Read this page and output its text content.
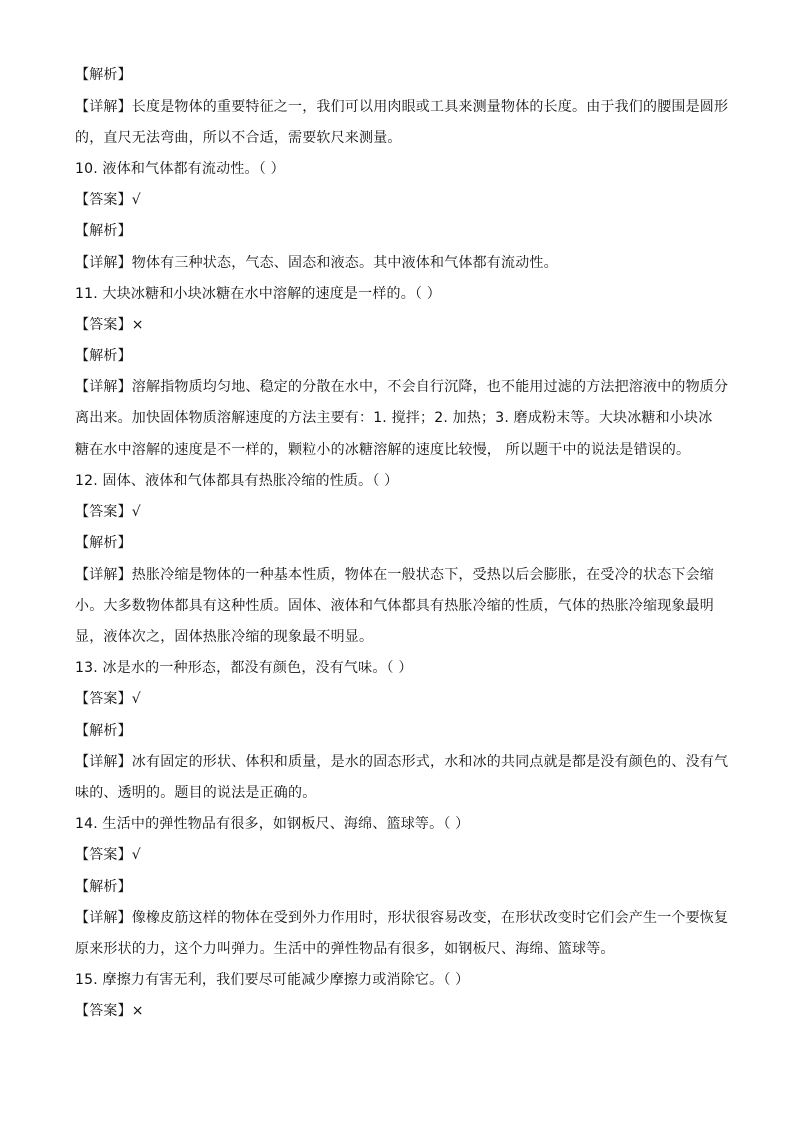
【解析】
【详解】长度是物体的重要特征之一，我们可以用肉眼或工具来测量物体的长度。由于我们的腰围是圆形
的，直尺无法弯曲，所以不合适，需要软尺来测量。
10. 液体和气体都有流动性。（ ）
【答案】√
【解析】
【详解】物体有三种状态，气态、固态和液态。其中液体和气体都有流动性。
11. 大块冰糖和小块冰糖在水中溶解的速度是一样的。（ ）
【答案】×
【解析】
【详解】溶解指物质均匀地、稳定的分散在水中，不会自行沉降，也不能用过滤的方法把溶液中的物质分
离出来。加快固体物质溶解速度的方法主要有：1. 搅拌；2. 加热；3. 磨成粉末等。大块冰糖和小块冰
糖在水中溶解的速度是不一样的，颗粒小的冰糖溶解的速度比较慢， 所以题干中的说法是错误的。
12. 固体、液体和气体都具有热胀冷缩的性质。（ ）
【答案】√
【解析】
【详解】热胀冷缩是物体的一种基本性质，物体在一般状态下，受热以后会膨胀，在受冷的状态下会缩
小。大多数物体都具有这种性质。固体、液体和气体都具有热胀冷缩的性质，气体的热胀冷缩现象最明
显，液体次之，固体热胀冷缩的现象最不明显。
13. 冰是水的一种形态，都没有颜色，没有气味。（ ）
【答案】√
【解析】
【详解】冰有固定的形状、体积和质量，是水的固态形式，水和冰的共同点就是都是没有颜色的、没有气
味的、透明的。题目的说法是正确的。
14. 生活中的弹性物品有很多，如钢板尺、海绵、篮球等。（ ）
【答案】√
【解析】
【详解】像橡皮筋这样的物体在受到外力作用时，形状很容易改变，在形状改变时它们会产生一个要恢复
原来形状的力，这个力叫弹力。生活中的弹性物品有很多，如钢板尺、海绵、篮球等。
15. 摩擦力有害无利，我们要尽可能减少摩擦力或消除它。（ ）
【答案】×
